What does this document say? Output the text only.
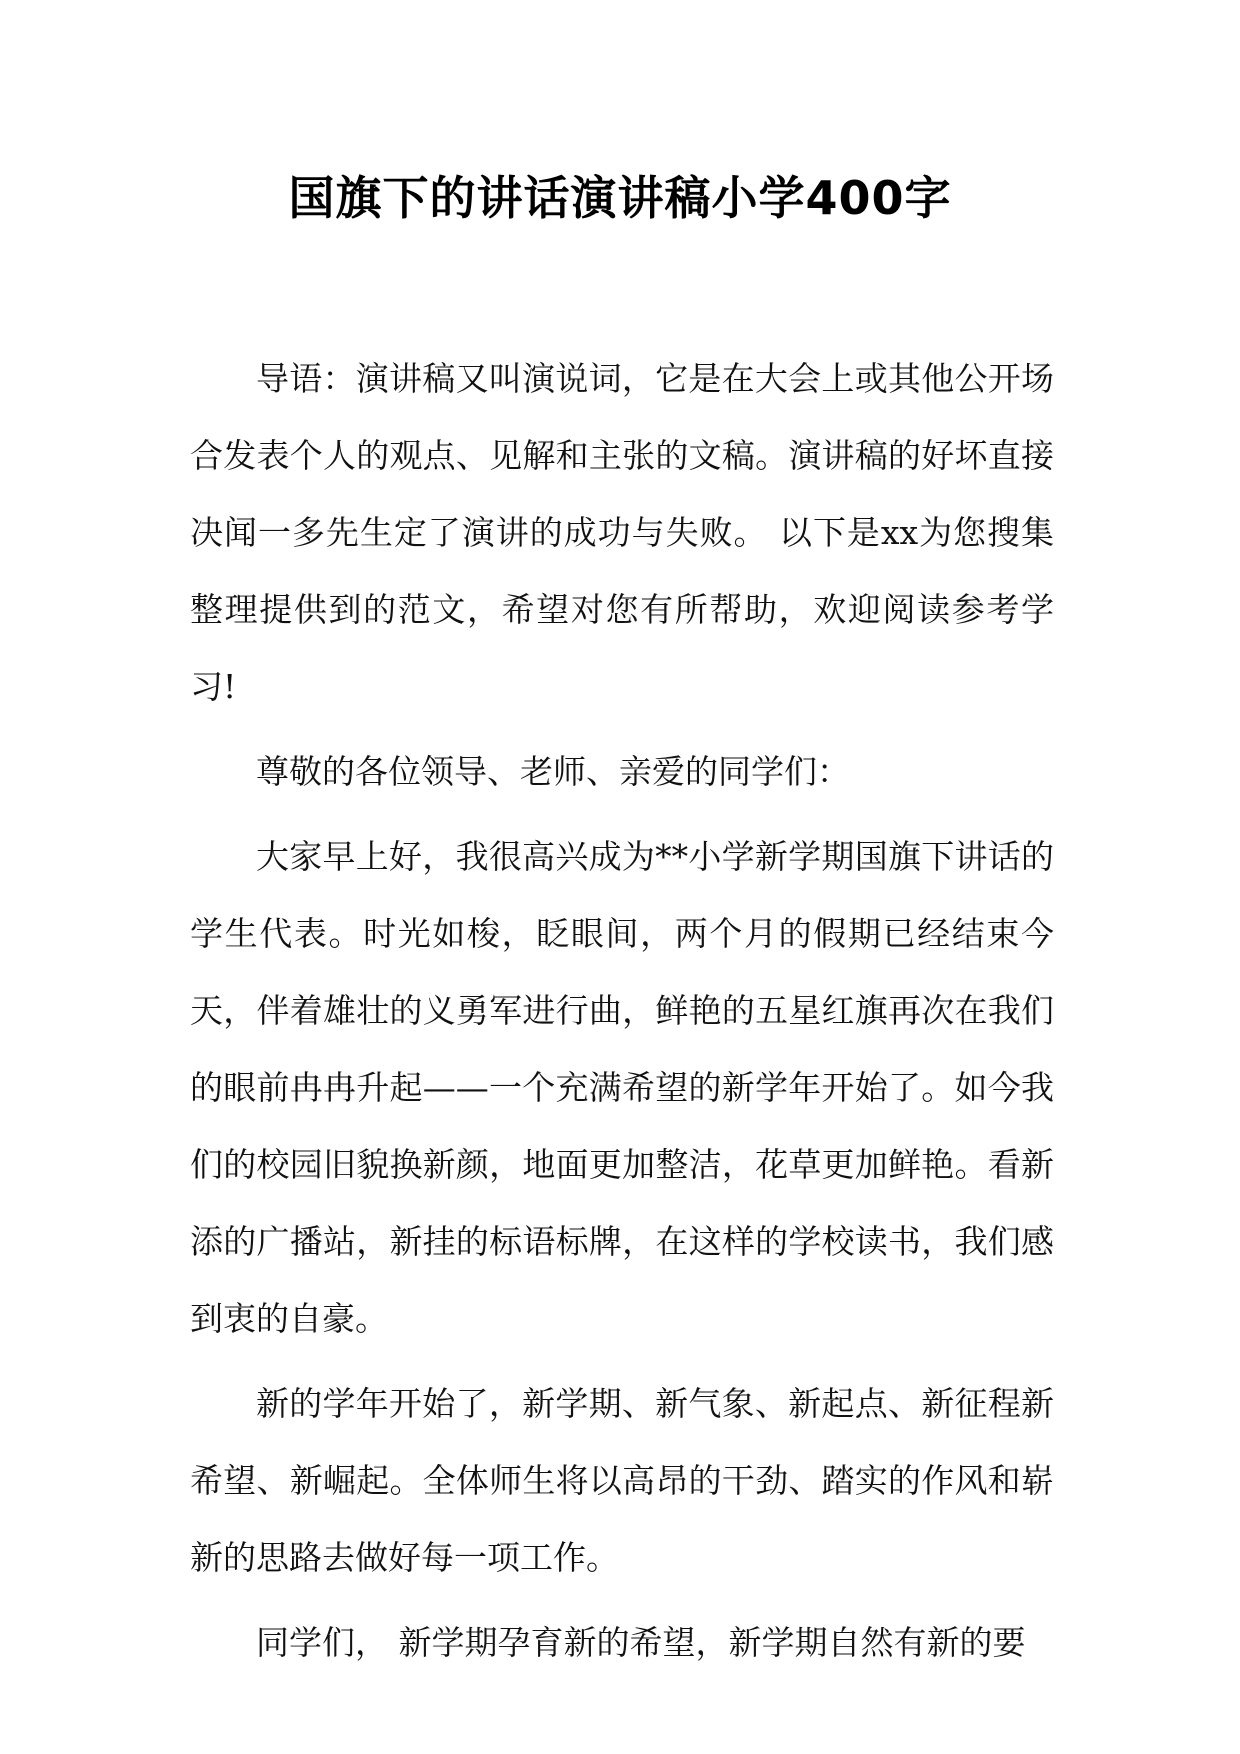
国旗下的讲话演讲稿小学400字

导语：演讲稿又叫演说词，它是在大会上或其他公开场合发表个人的观点、见解和主张的文稿。演讲稿的好坏直接决闻一多先生定了演讲的成功与失败。 以下是xx为您搜集整理提供到的范文，希望对您有所帮助，欢迎阅读参考学习!

尊敬的各位领导、老师、亲爱的同学们：

大家早上好，我很高兴成为**小学新学期国旗下讲话的学生代表。时光如梭，眨眼间，两个月的假期已经结束今天，伴着雄壮的义勇军进行曲，鲜艳的五星红旗再次在我们的眼前冉冉升起——一个充满希望的新学年开始了。如今我们的校园旧貌换新颜，地面更加整洁，花草更加鲜艳。看新添的广播站，新挂的标语标牌，在这样的学校读书，我们感到衷的自豪。

新的学年开始了，新学期、新气象、新起点、新征程新希望、新崛起。全体师生将以高昂的干劲、踏实的作风和崭新的思路去做好每一项工作。

同学们， 新学期孕育新的希望，新学期自然有新的要
